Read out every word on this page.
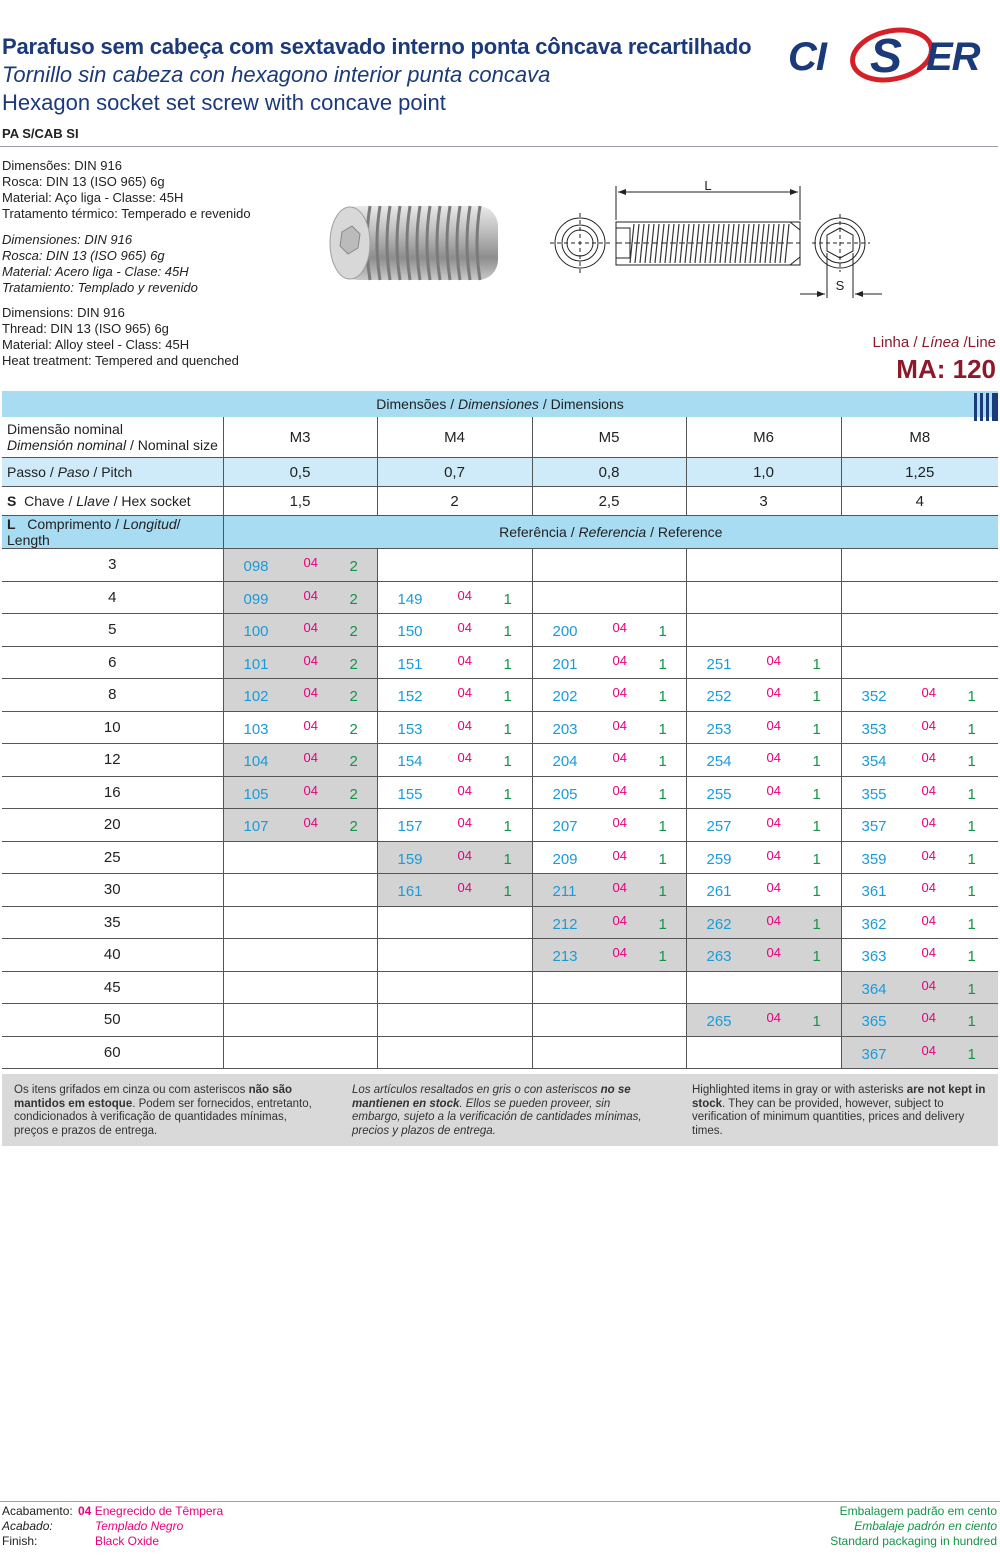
Parafuso sem cabeça com sextavado interno ponta côncava recartilhado
Tornillo sin cabeza con hexagono interior punta concava
Hexagon socket set screw with concave point
CI S ER
PA S/CAB SI
Dimensões: DIN 916
Rosca: DIN 13 (ISO 965) 6g
Material: Aço liga - Classe: 45H
Tratamento térmico: Temperado e revenido
Dimensiones: DIN 916
Rosca: DIN 13 (ISO 965) 6g
Material: Acero liga - Clase: 45H
Tratamiento: Templado y revenido
Dimensions: DIN 916
Thread: DIN 13 (ISO 965) 6g
Material: Alloy steel - Class: 45H
Heat treatment: Tempered and quenched
L
S
Linha / Línea /Line
MA: 120
Dimensões / Dimensiones / Dimensions					

Dimensão nominal
Dimensión nominal / Nominal size	M3	M4	M5	M6	M8
Passo / Paso / Pitch	0,5	0,7	0,8	1,0	1,25
S Chave / Llave / Hex socket	1,5	2	2,5	3	4
L Comprimento / Longitud/ Length	Referência / Referencia / Reference				
3	098 04 2				

4	099 04 2	149 04 1			

5	100 04 2	150 04 1	200 04 1		

6	101 04 2	151 04 1	201 04 1	251 04 1	

8	102 04 2	152 04 1	202 04 1	252 04 1	352 04 1

10	103 04 2	153 04 1	203 04 1	253 04 1	353 04 1

12	104 04 2	154 04 1	204 04 1	254 04 1	354 04 1

16	105 04 2	155 04 1	205 04 1	255 04 1	355 04 1

20	107 04 2	157 04 1	207 04 1	257 04 1	357 04 1

25		159 04 1	209 04 1	259 04 1	359 04 1

30		161 04 1	211 04 1	261 04 1	361 04 1

35			212 04 1	262 04 1	362 04 1

40			213 04 1	263 04 1	363 04 1

45					364 04 1

50				265 04 1	365 04 1

60					367 04 1
Os itens grifados em cinza ou com asteriscos não são mantidos em estoque. Podem ser fornecidos, entretanto, condicionados à verificação de quantidades mínimas, preços e prazos de entrega.
Los artículos resaltados en gris o con asteriscos no se mantienen en stock. Ellos se pueden proveer, sin embargo, sujeto a la verificación de cantidades mínimas, precios y plazos de entrega.
Highlighted items in gray or with asterisks are not kept in stock. They can be provided, however, subject to verification of minimum quantities, prices and delivery times.
Acabamento:
Acabado:
Finish:
04 Enegrecido de Têmpera
Templado Negro
Black Oxide
Embalagem padrão em cento
Embalaje padrón en ciento
Standard packaging in hundred
